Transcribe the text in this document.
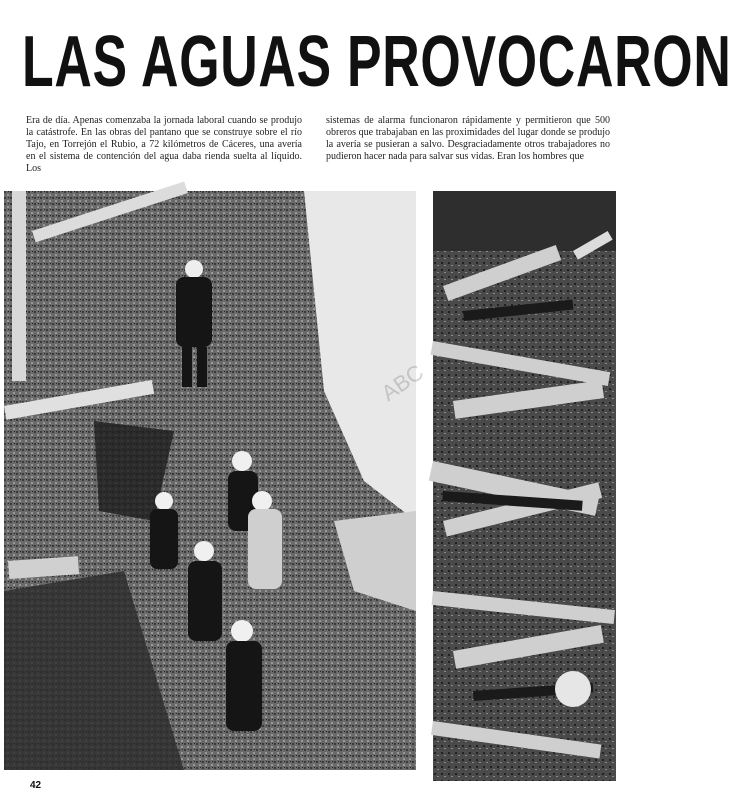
LAS AGUAS PROVOCARON
Era de día. Apenas comenzaba la jornada laboral cuando se produjo la catástrofe. En las obras del pantano que se construye sobre el río Tajo, en Torrejón el Rubio, a 72 kilómetros de Cáceres, una avería en el sistema de contención del agua daba rienda suelta al líquido. Los
sistemas de alarma funcionaron rápidamente y permitieron que 500 obreros que trabajaban en las proximidades del lugar donde se produjo la avería se pusieran a salvo. Desgraciadamente otros trabajadores no pudieron hacer nada para salvar sus vidas. Eran los hombres que
ABC
42
